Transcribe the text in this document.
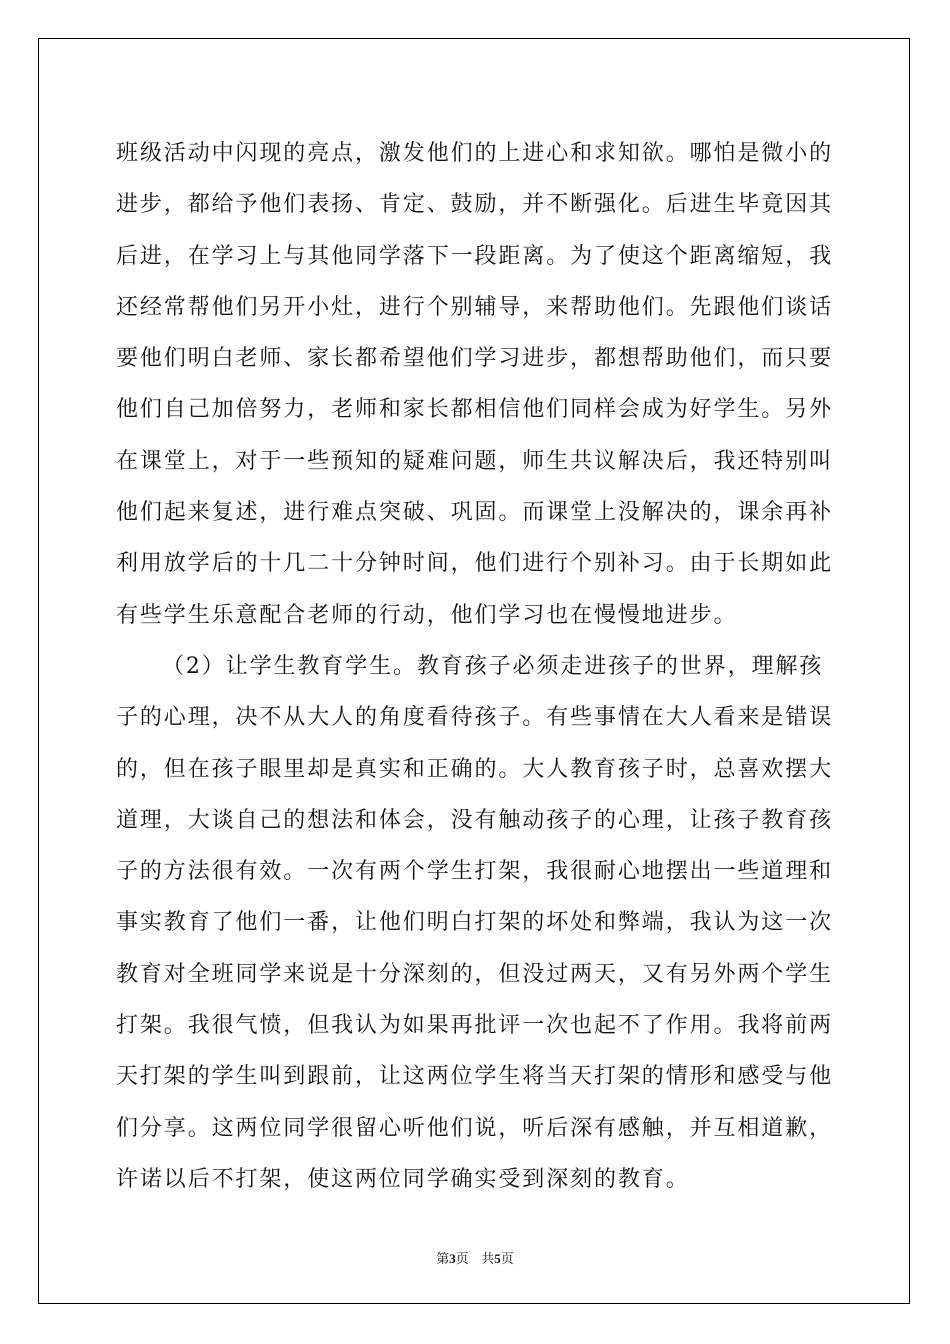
班级活动中闪现的亮点，激发他们的上进心和求知欲。哪怕是微小的
进步，都给予他们表扬、肯定、鼓励，并不断强化。后进生毕竟因其
后进，在学习上与其他同学落下一段距离。为了使这个距离缩短，我
还经常帮他们另开小灶，进行个别辅导，来帮助他们。先跟他们谈话
要他们明白老师、家长都希望他们学习进步，都想帮助他们，而只要
他们自己加倍努力，老师和家长都相信他们同样会成为好学生。另外
在课堂上，对于一些预知的疑难问题，师生共议解决后，我还特别叫
他们起来复述，进行难点突破、巩固。而课堂上没解决的，课余再补
利用放学后的十几二十分钟时间，他们进行个别补习。由于长期如此
有些学生乐意配合老师的行动，他们学习也在慢慢地进步。
（2）让学生教育学生。教育孩子必须走进孩子的世界，理解孩
子的心理，决不从大人的角度看待孩子。有些事情在大人看来是错误
的，但在孩子眼里却是真实和正确的。大人教育孩子时，总喜欢摆大
道理，大谈自己的想法和体会，没有触动孩子的心理，让孩子教育孩
子的方法很有效。一次有两个学生打架，我很耐心地摆出一些道理和
事实教育了他们一番，让他们明白打架的坏处和弊端，我认为这一次
教育对全班同学来说是十分深刻的，但没过两天，又有另外两个学生
打架。我很气愤，但我认为如果再批评一次也起不了作用。我将前两
天打架的学生叫到跟前，让这两位学生将当天打架的情形和感受与他
们分享。这两位同学很留心听他们说，听后深有感触，并互相道歉，
许诺以后不打架，使这两位同学确实受到深刻的教育。
第3页 共5页
